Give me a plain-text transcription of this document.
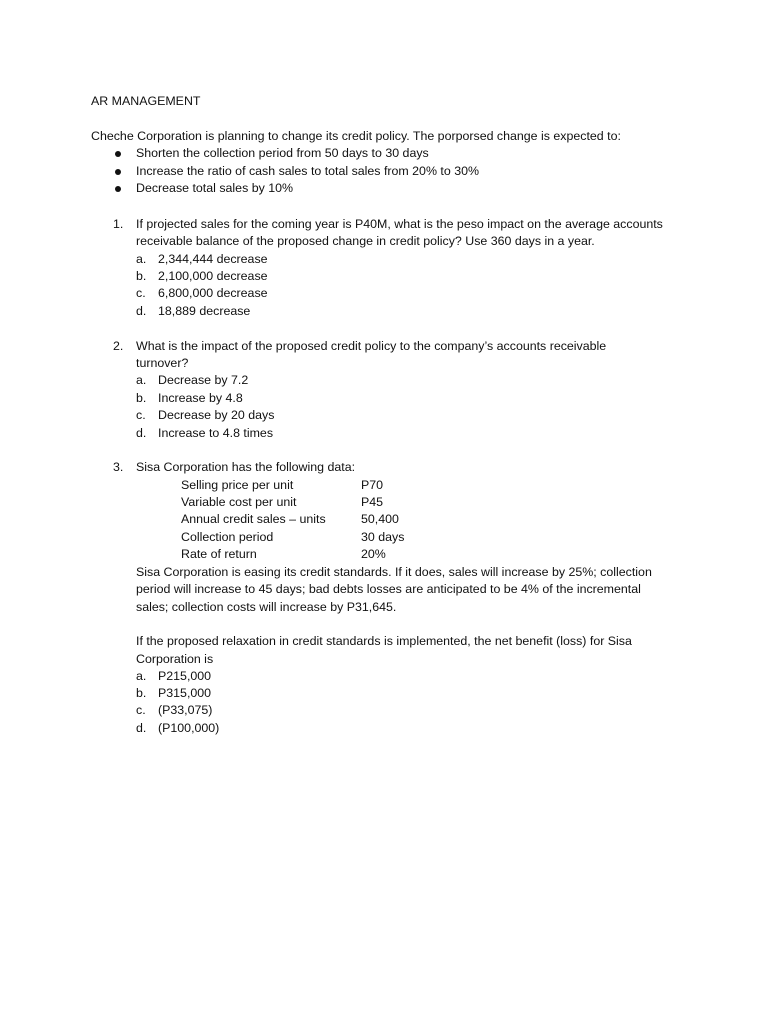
AR MANAGEMENT
Cheche Corporation is planning to change its credit policy. The porporsed change is expected to:
Shorten the collection period from 50 days to 30 days
Increase the ratio of cash sales to total sales from 20% to 30%
Decrease total sales by 10%
1. If projected sales for the coming year is P40M, what is the peso impact on the average accounts
receivable balance of the proposed change in credit policy? Use 360 days in a year.
a. 2,344,444 decrease
b. 2,100,000 decrease
c. 6,800,000 decrease
d. 18,889 decrease
2. What is the impact of the proposed credit policy to the company’s accounts receivable
turnover?
a. Decrease by 7.2
b. Increase by 4.8
c. Decrease by 20 days
d. Increase to 4.8 times
3. Sisa Corporation has the following data:
Selling price per unit	P70
Variable cost per unit	P45
Annual credit sales – units	50,400
Collection period	30 days
Rate of return	20%
Sisa Corporation is easing its credit standards. If it does, sales will increase by 25%; collection
period will increase to 45 days; bad debts losses are anticipated to be 4% of the incremental
sales; collection costs will increase by P31,645.
If the proposed relaxation in credit standards is implemented, the net benefit (loss) for Sisa
Corporation is
a. P215,000
b. P315,000
c. (P33,075)
d. (P100,000)
